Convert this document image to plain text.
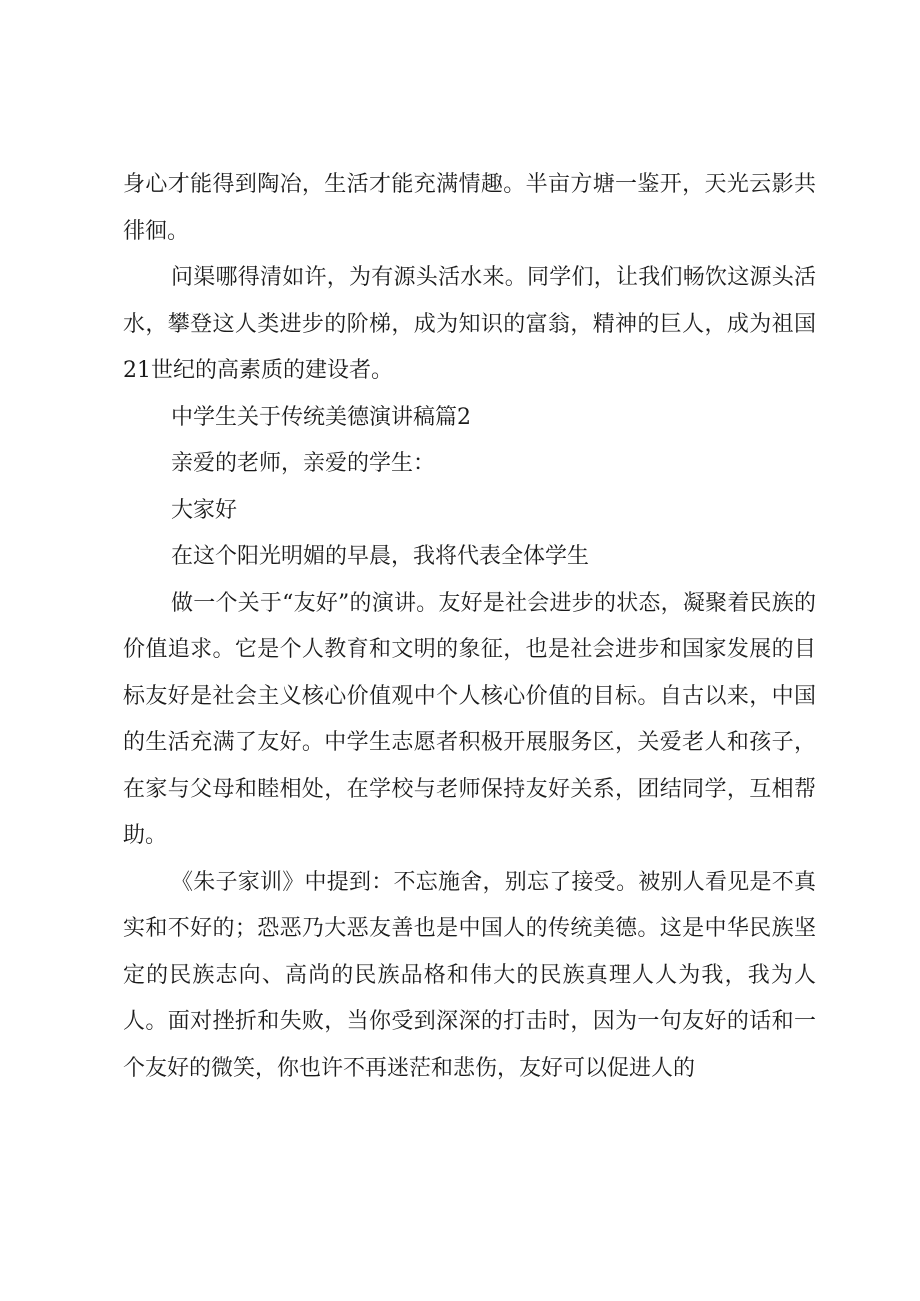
身心才能得到陶冶，生活才能充满情趣。半亩方塘一鉴开，天光云影共徘徊。

问渠哪得清如许，为有源头活水来。同学们，让我们畅饮这源头活水，攀登这人类进步的阶梯，成为知识的富翁，精神的巨人，成为祖国21世纪的高素质的建设者。

中学生关于传统美德演讲稿篇2

亲爱的老师，亲爱的学生：

大家好

在这个阳光明媚的早晨，我将代表全体学生

做一个关于“友好”的演讲。友好是社会进步的状态，凝聚着民族的价值追求。它是个人教育和文明的象征，也是社会进步和国家发展的目标友好是社会主义核心价值观中个人核心价值的目标。自古以来，中国的生活充满了友好。中学生志愿者积极开展服务区，关爱老人和孩子，在家与父母和睦相处，在学校与老师保持友好关系，团结同学，互相帮助。

《朱子家训》中提到：不忘施舍，别忘了接受。被别人看见是不真实和不好的；恐恶乃大恶友善也是中国人的传统美德。这是中华民族坚定的民族志向、高尚的民族品格和伟大的民族真理人人为我，我为人人。面对挫折和失败，当你受到深深的打击时，因为一句友好的话和一个友好的微笑，你也许不再迷茫和悲伤，友好可以促进人的
